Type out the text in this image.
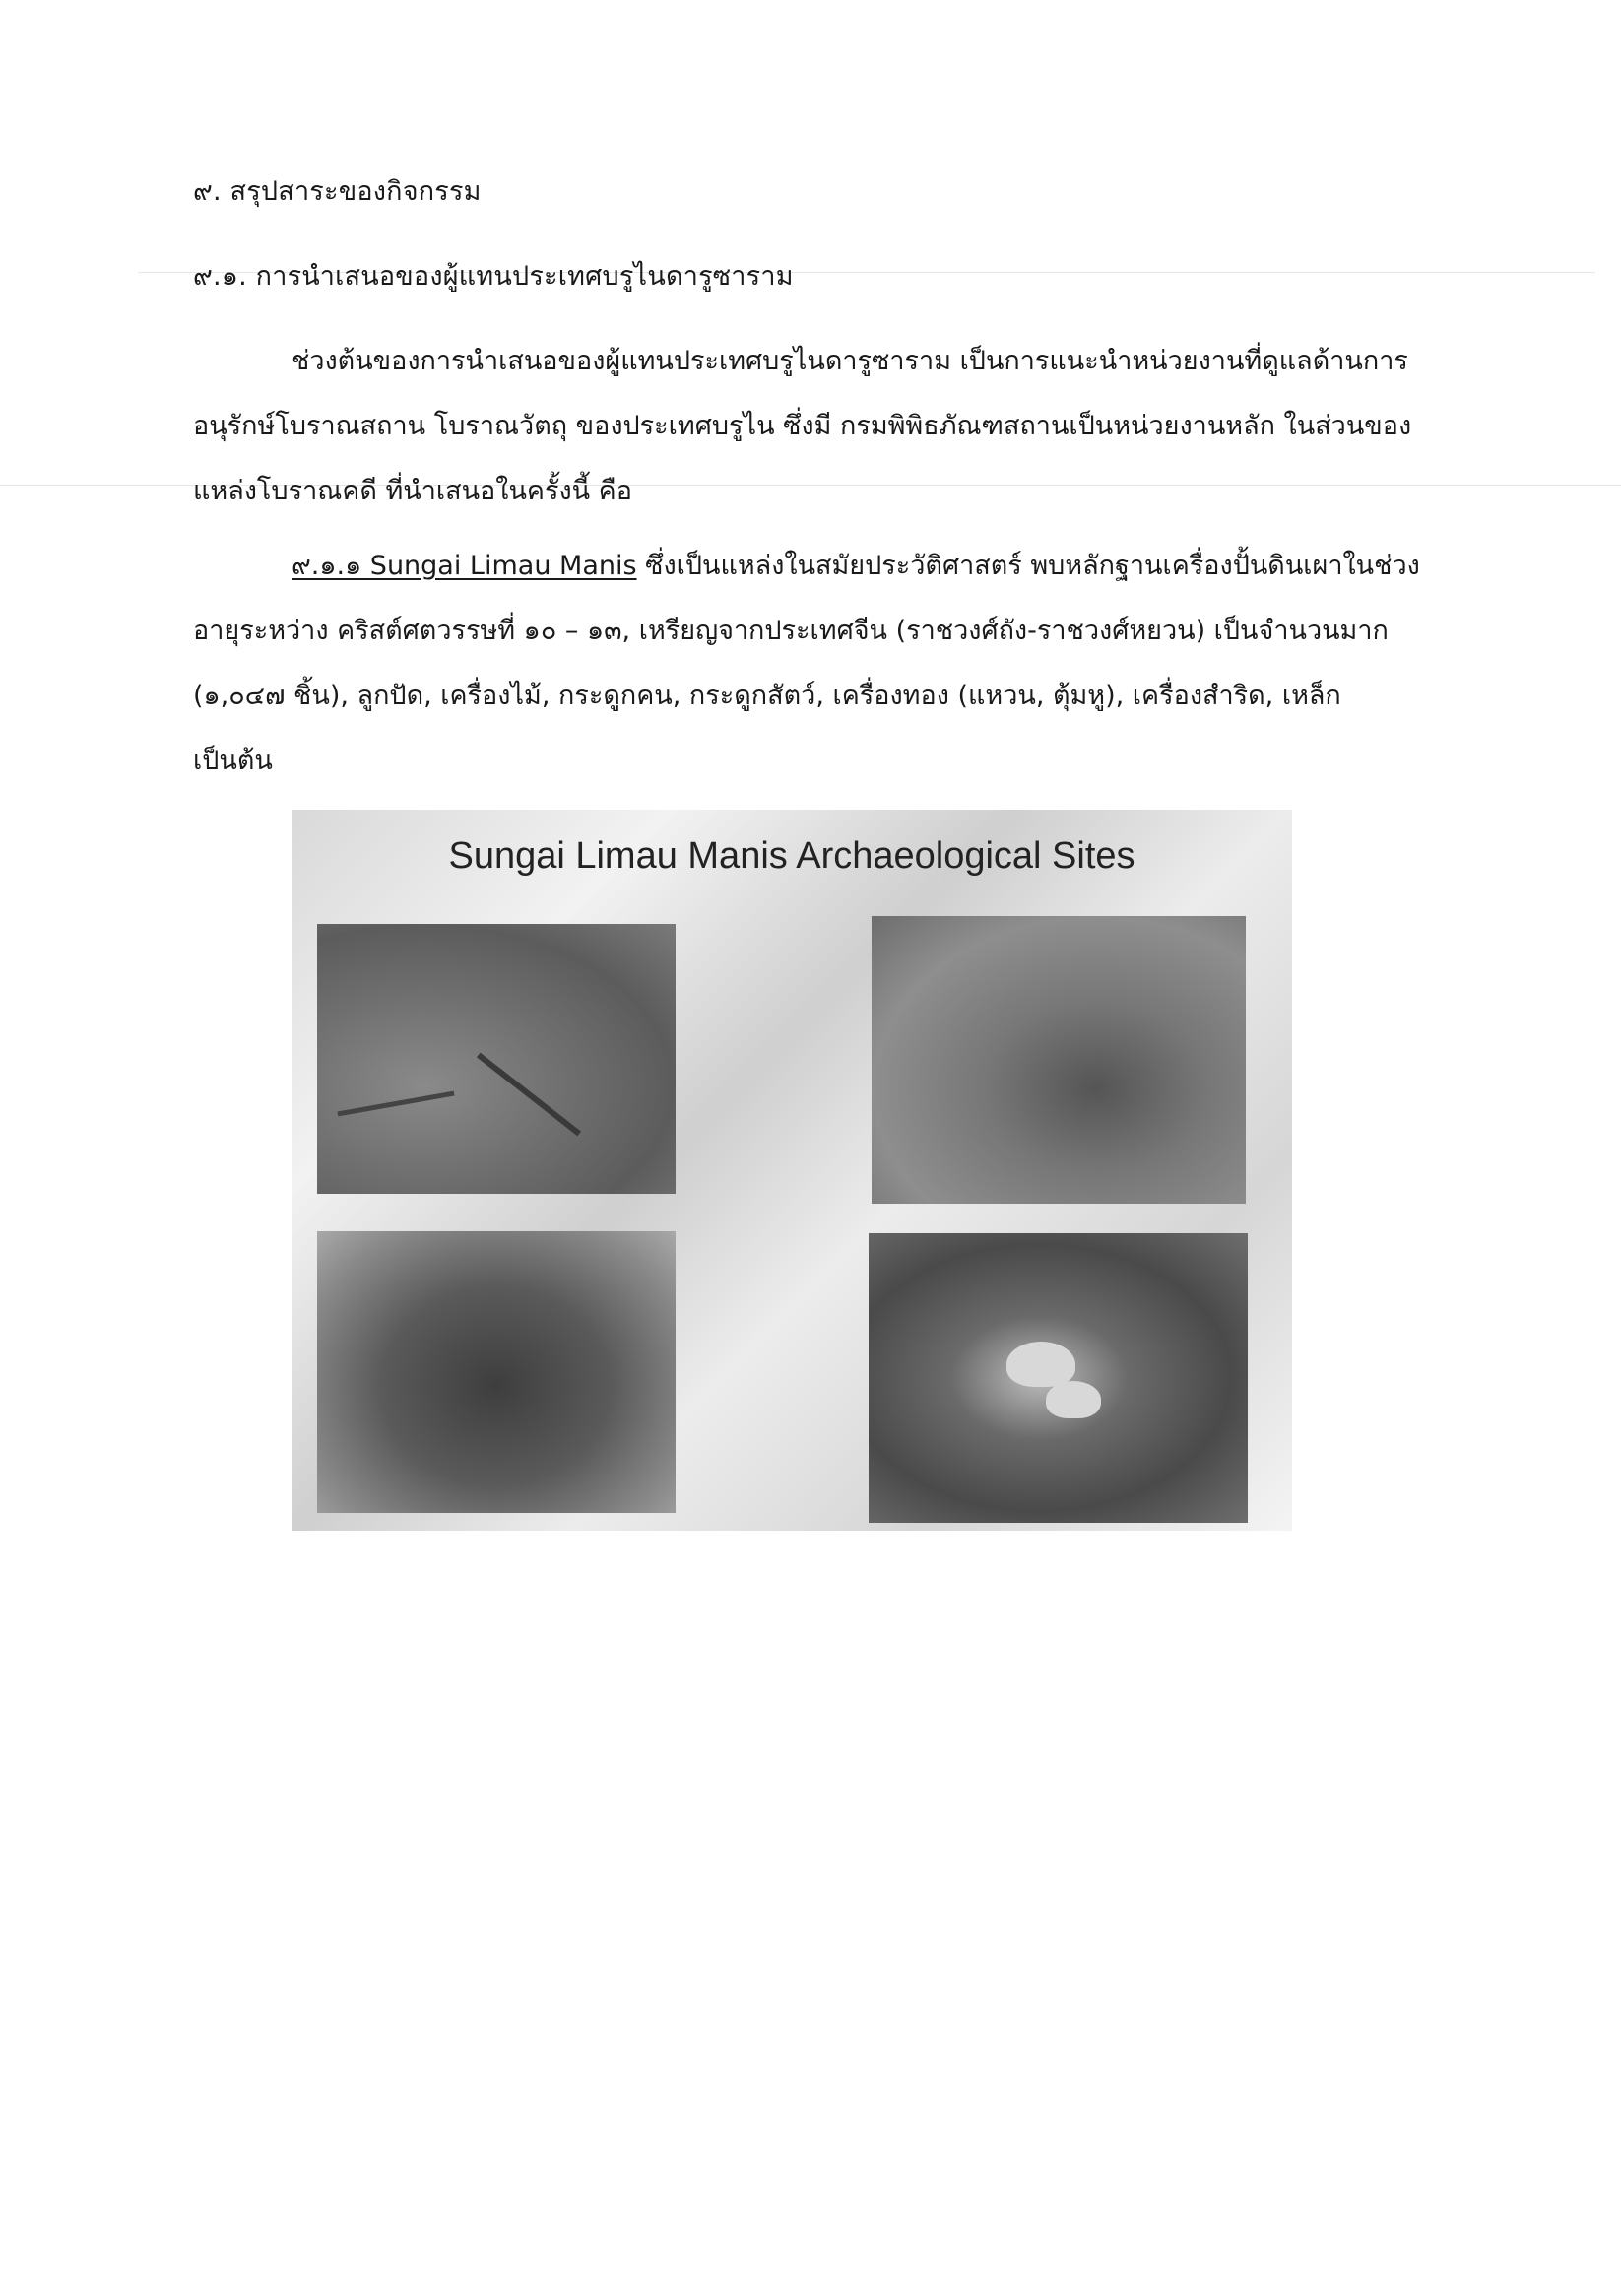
๙. สรุปสาระของกิจกรรม
๙.๑. การนำเสนอของผู้แทนประเทศบรูไนดารูซาราม
ช่วงต้นของการนำเสนอของผู้แทนประเทศบรูไนดารูซาราม เป็นการแนะนำหน่วยงานที่ดูแลด้านการ
อนุรักษ์โบราณสถาน โบราณวัตถุ ของประเทศบรูไน ซึ่งมี กรมพิพิธภัณฑสถานเป็นหน่วยงานหลัก ในส่วนของ
แหล่งโบราณคดี ที่นำเสนอในครั้งนี้ คือ
๙.๑.๑ Sungai Limau Manis ซึ่งเป็นแหล่งในสมัยประวัติศาสตร์ พบหลักฐานเครื่องปั้นดินเผาในช่วง
อายุระหว่าง คริสต์ศตวรรษที่ ๑๐ – ๑๓, เหรียญจากประเทศจีน (ราชวงศ์ถัง-ราชวงศ์หยวน) เป็นจำนวนมาก
(๑,๐๔๗ ชิ้น), ลูกปัด, เครื่องไม้, กระดูกคน, กระดูกสัตว์, เครื่องทอง (แหวน, ตุ้มหู), เครื่องสำริด, เหล็ก
เป็นต้น
Sungai Limau Manis Archaeological Sites
